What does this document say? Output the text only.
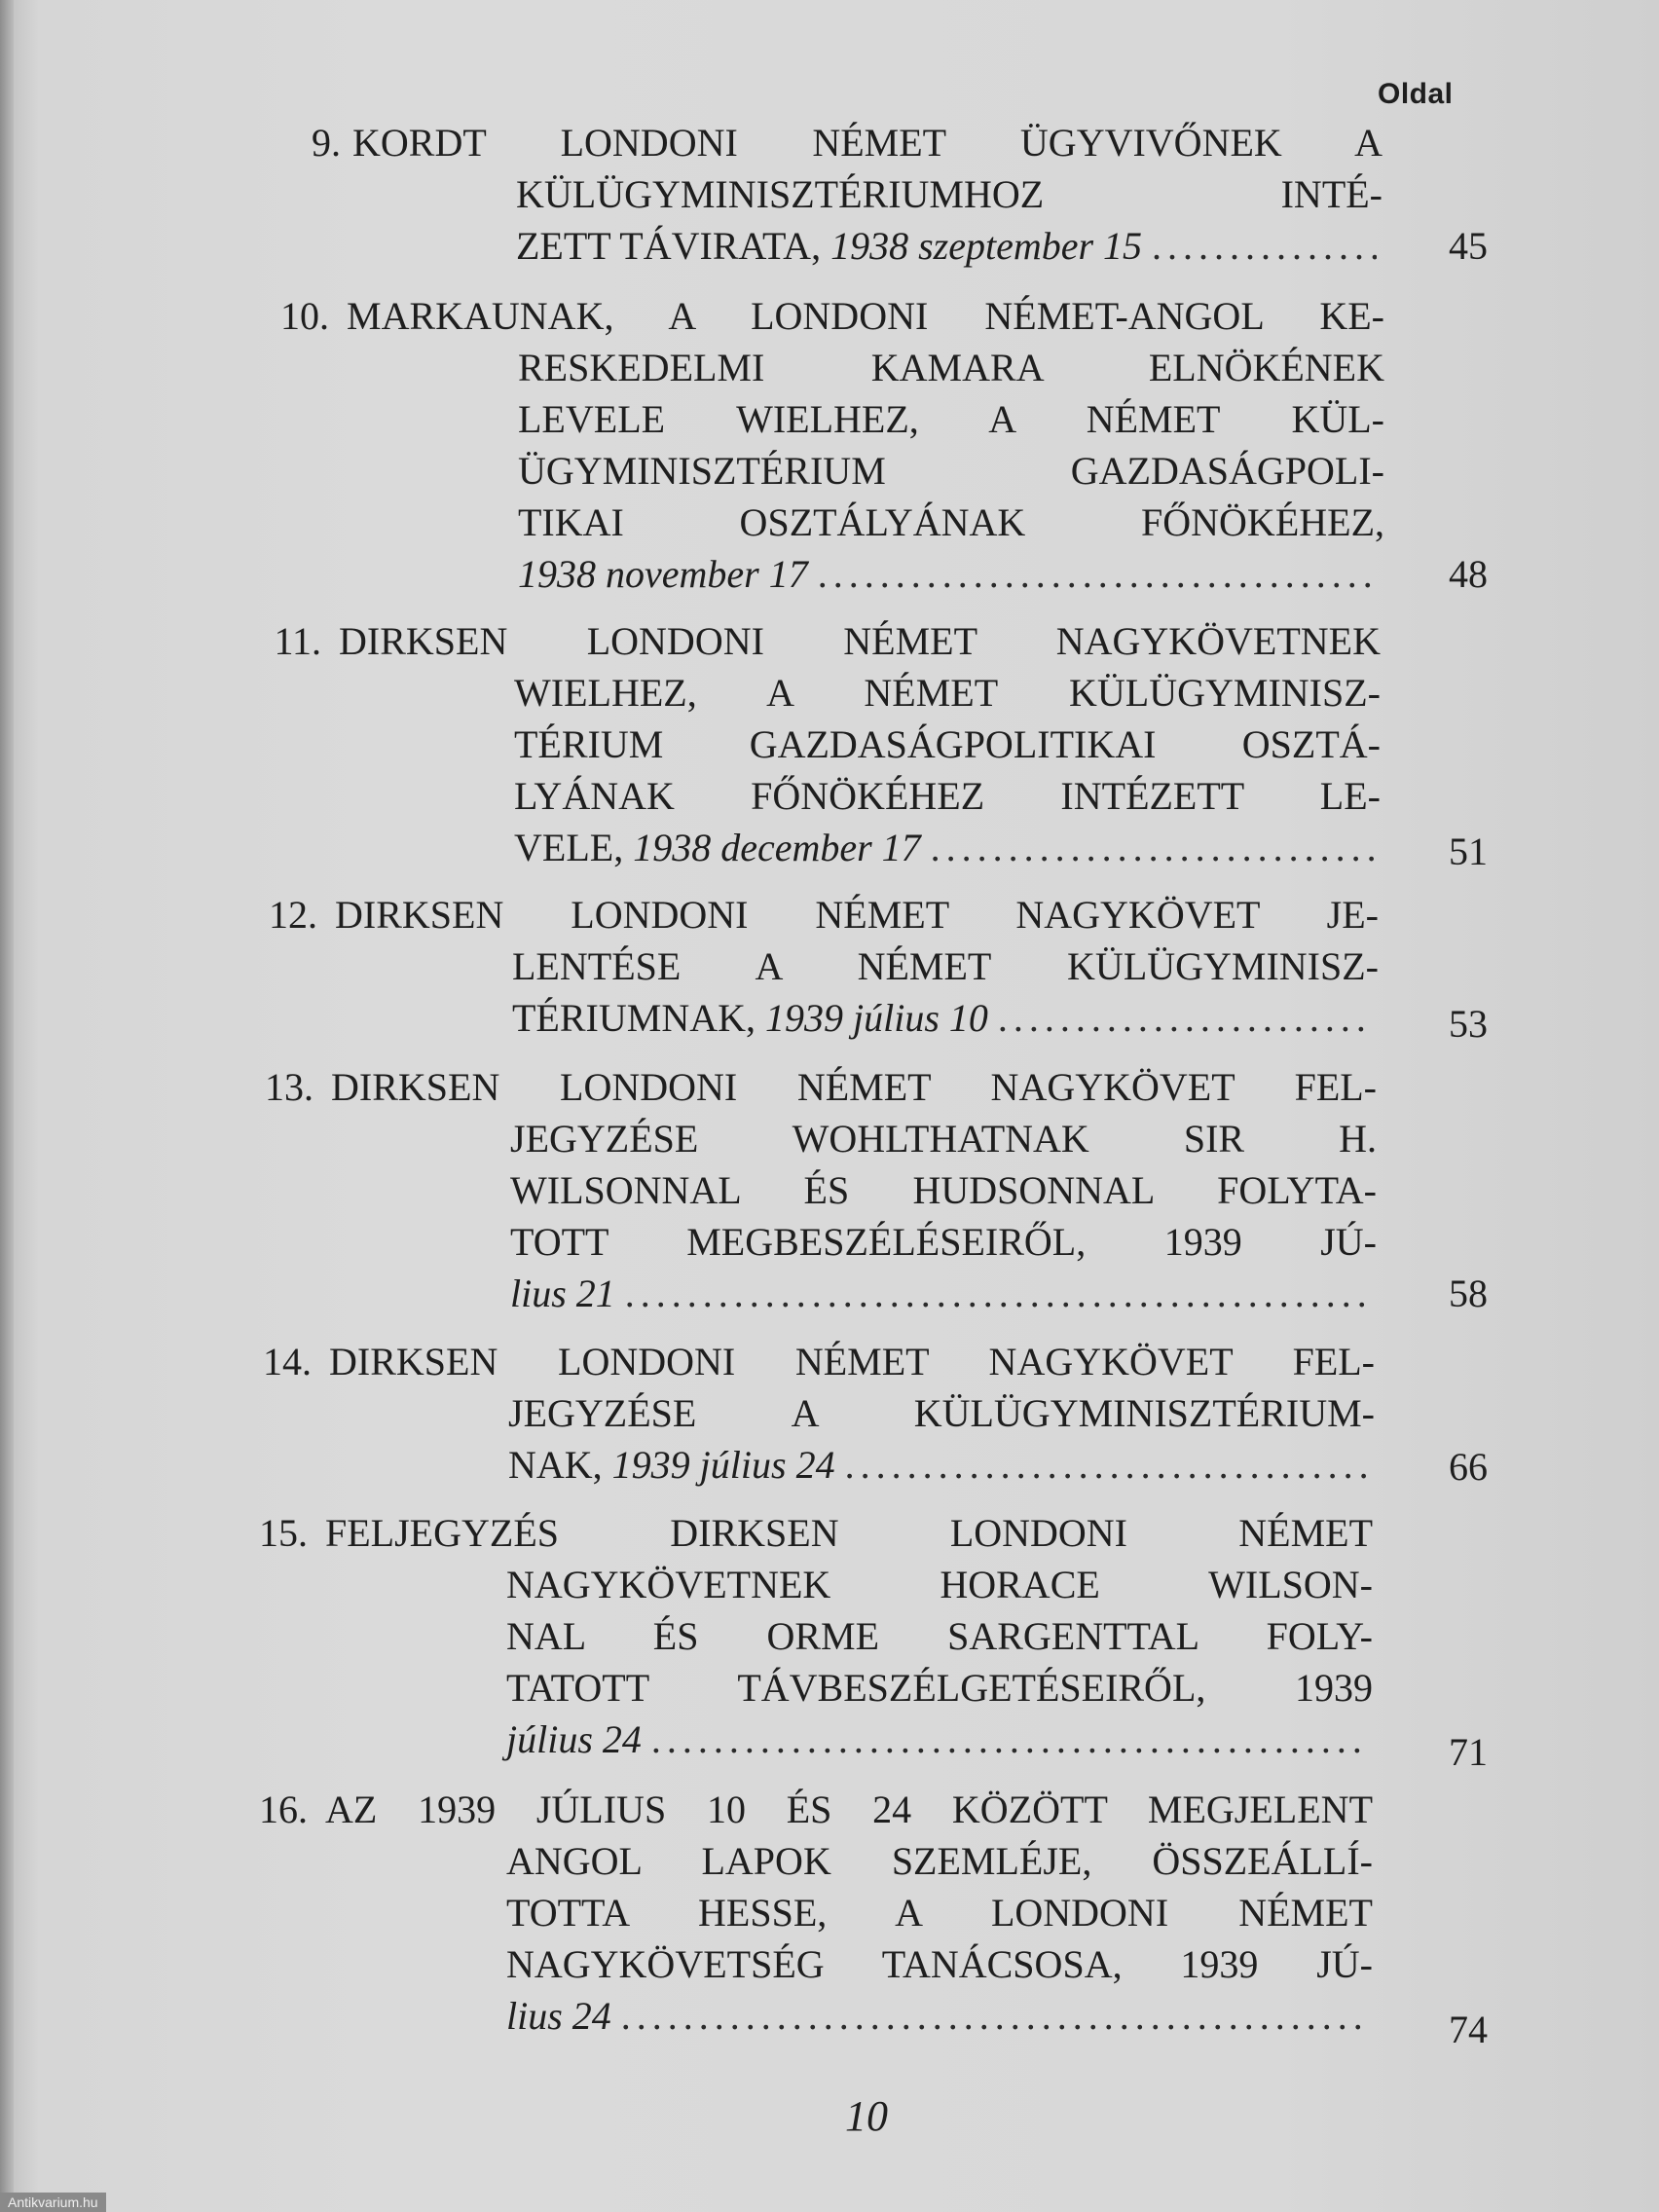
Oldal
9. KORDT LONDONI NÉMET ÜGYVIVŐNEK A
KÜLÜGYMINISZTÉRIUMHOZ INTÉ-
ZETT TÁVIRATA,
1938 szeptember 15 .....	45
10. MARKAUNAK, A LONDONI NÉMET-ANGOL KE-
RESKEDELMI KAMARA ELNÖKÉNEK
LEVELE WIELHEZ, A NÉMET KÜL-
ÜGYMINISZTÉRIUM GAZDASÁGPOLI-
TIKAI OSZTÁLYÁNAK FŐNÖKÉHEZ,
1938 november 17 .....	48
11. DIRKSEN LONDONI NÉMET NAGYKÖVETNEK
WIELHEZ, A NÉMET KÜLÜGYMINISZ-
TÉRIUM GAZDASÁGPOLITIKAI OSZTÁ-
LYÁNAK FŐNÖKÉHEZ INTÉZETT LE-
VELE,
1938 december 17 .....	51
12. DIRKSEN LONDONI NÉMET NAGYKÖVET JE-
LENTÉSE A NÉMET KÜLÜGYMINISZ-
TÉRIUMNAK,
1939 július 10 .....	53
13. DIRKSEN LONDONI NÉMET NAGYKÖVET FEL-
JEGYZÉSE WOHLTHATNAK SIR H.
WILSONNAL ÉS HUDSONNAL FOLYTA-
TOTT MEGBESZÉLÉSEIRŐL, 1939 JÚ-
lius 21 .....	58
14. DIRKSEN LONDONI NÉMET NAGYKÖVET FEL-
JEGYZÉSE A KÜLÜGYMINISZTÉRIUM-
NAK,
1939 július 24 .....	66
15. FELJEGYZÉS DIRKSEN LONDONI NÉMET
NAGYKÖVETNEK HORACE WILSON-
NAL ÉS ORME SARGENTTAL FOLY-
TATOTT TÁVBESZÉLGETÉSEIRŐL, 1939
július 24 .....	71
16. AZ 1939 JÚLIUS 10 ÉS 24 KÖZÖTT MEGJELENT
ANGOL LAPOK SZEMLÉJE, ÖSSZEÁLLÍ-
TOTTA HESSE, A LONDONI NÉMET
NAGYKÖVETSÉG TANÁCSOSA, 1939 JÚ-
lius 24 .....	74
10
Antikvarium.hu
